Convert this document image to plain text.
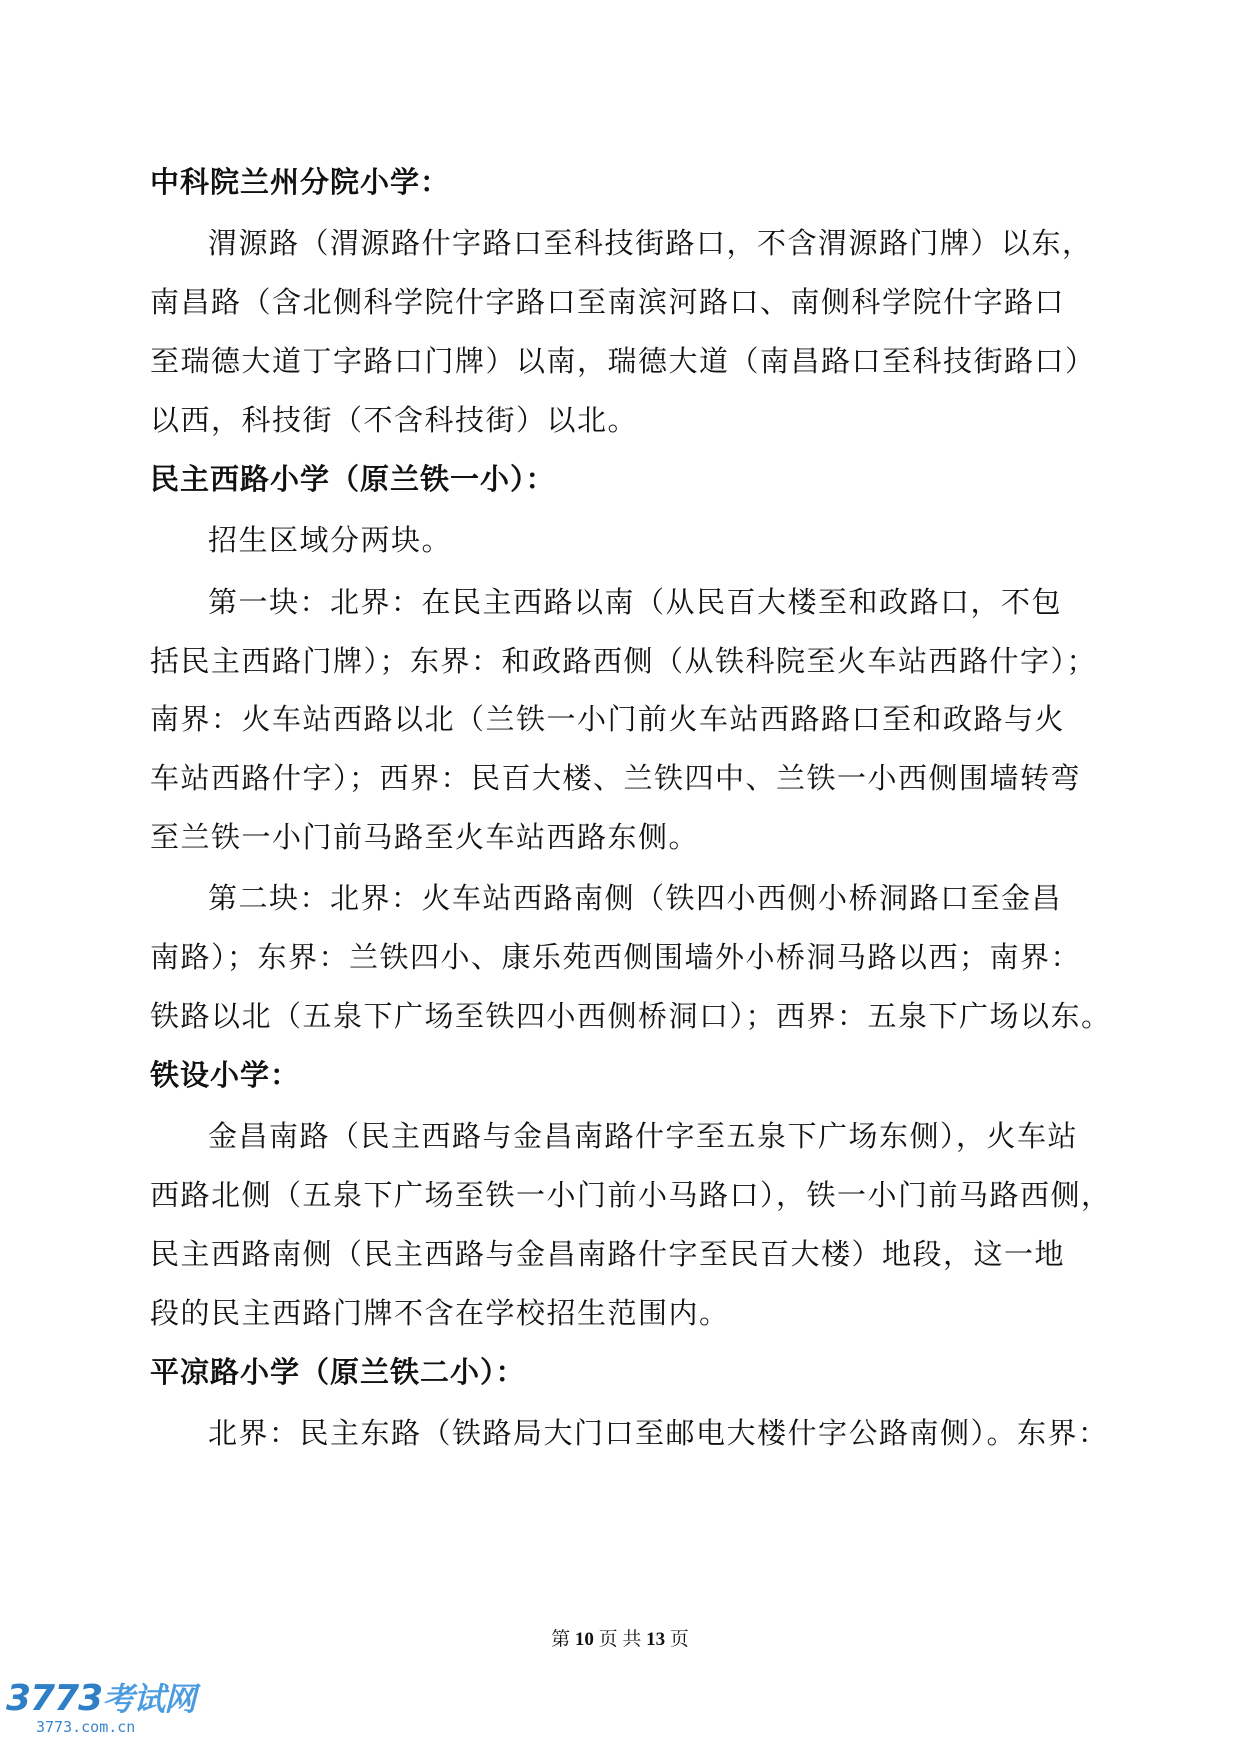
中科院兰州分院小学：
渭源路（渭源路什字路口至科技街路口，不含渭源路门牌）以东，
南昌路（含北侧科学院什字路口至南滨河路口、南侧科学院什字路口
至瑞德大道丁字路口门牌）以南，瑞德大道（南昌路口至科技街路口）
以西，科技街（不含科技街）以北。
民主西路小学（原兰铁一小）：
招生区域分两块。
第一块：北界：在民主西路以南（从民百大楼至和政路口，不包
括民主西路门牌）；东界：和政路西侧（从铁科院至火车站西路什字）；
南界：火车站西路以北（兰铁一小门前火车站西路路口至和政路与火
车站西路什字）；西界：民百大楼、兰铁四中、兰铁一小西侧围墙转弯
至兰铁一小门前马路至火车站西路东侧。
第二块：北界：火车站西路南侧（铁四小西侧小桥洞路口至金昌
南路）；东界：兰铁四小、康乐苑西侧围墙外小桥洞马路以西；南界：
铁路以北（五泉下广场至铁四小西侧桥洞口）；西界：五泉下广场以东。
铁设小学：
金昌南路（民主西路与金昌南路什字至五泉下广场东侧），火车站
西路北侧（五泉下广场至铁一小门前小马路口），铁一小门前马路西侧，
民主西路南侧（民主西路与金昌南路什字至民百大楼）地段，这一地
段的民主西路门牌不含在学校招生范围内。
平凉路小学（原兰铁二小）：
北界：民主东路（铁路局大门口至邮电大楼什字公路南侧）。东界：
第 10 页 共 13 页
3773考试网
3773.com.cn
